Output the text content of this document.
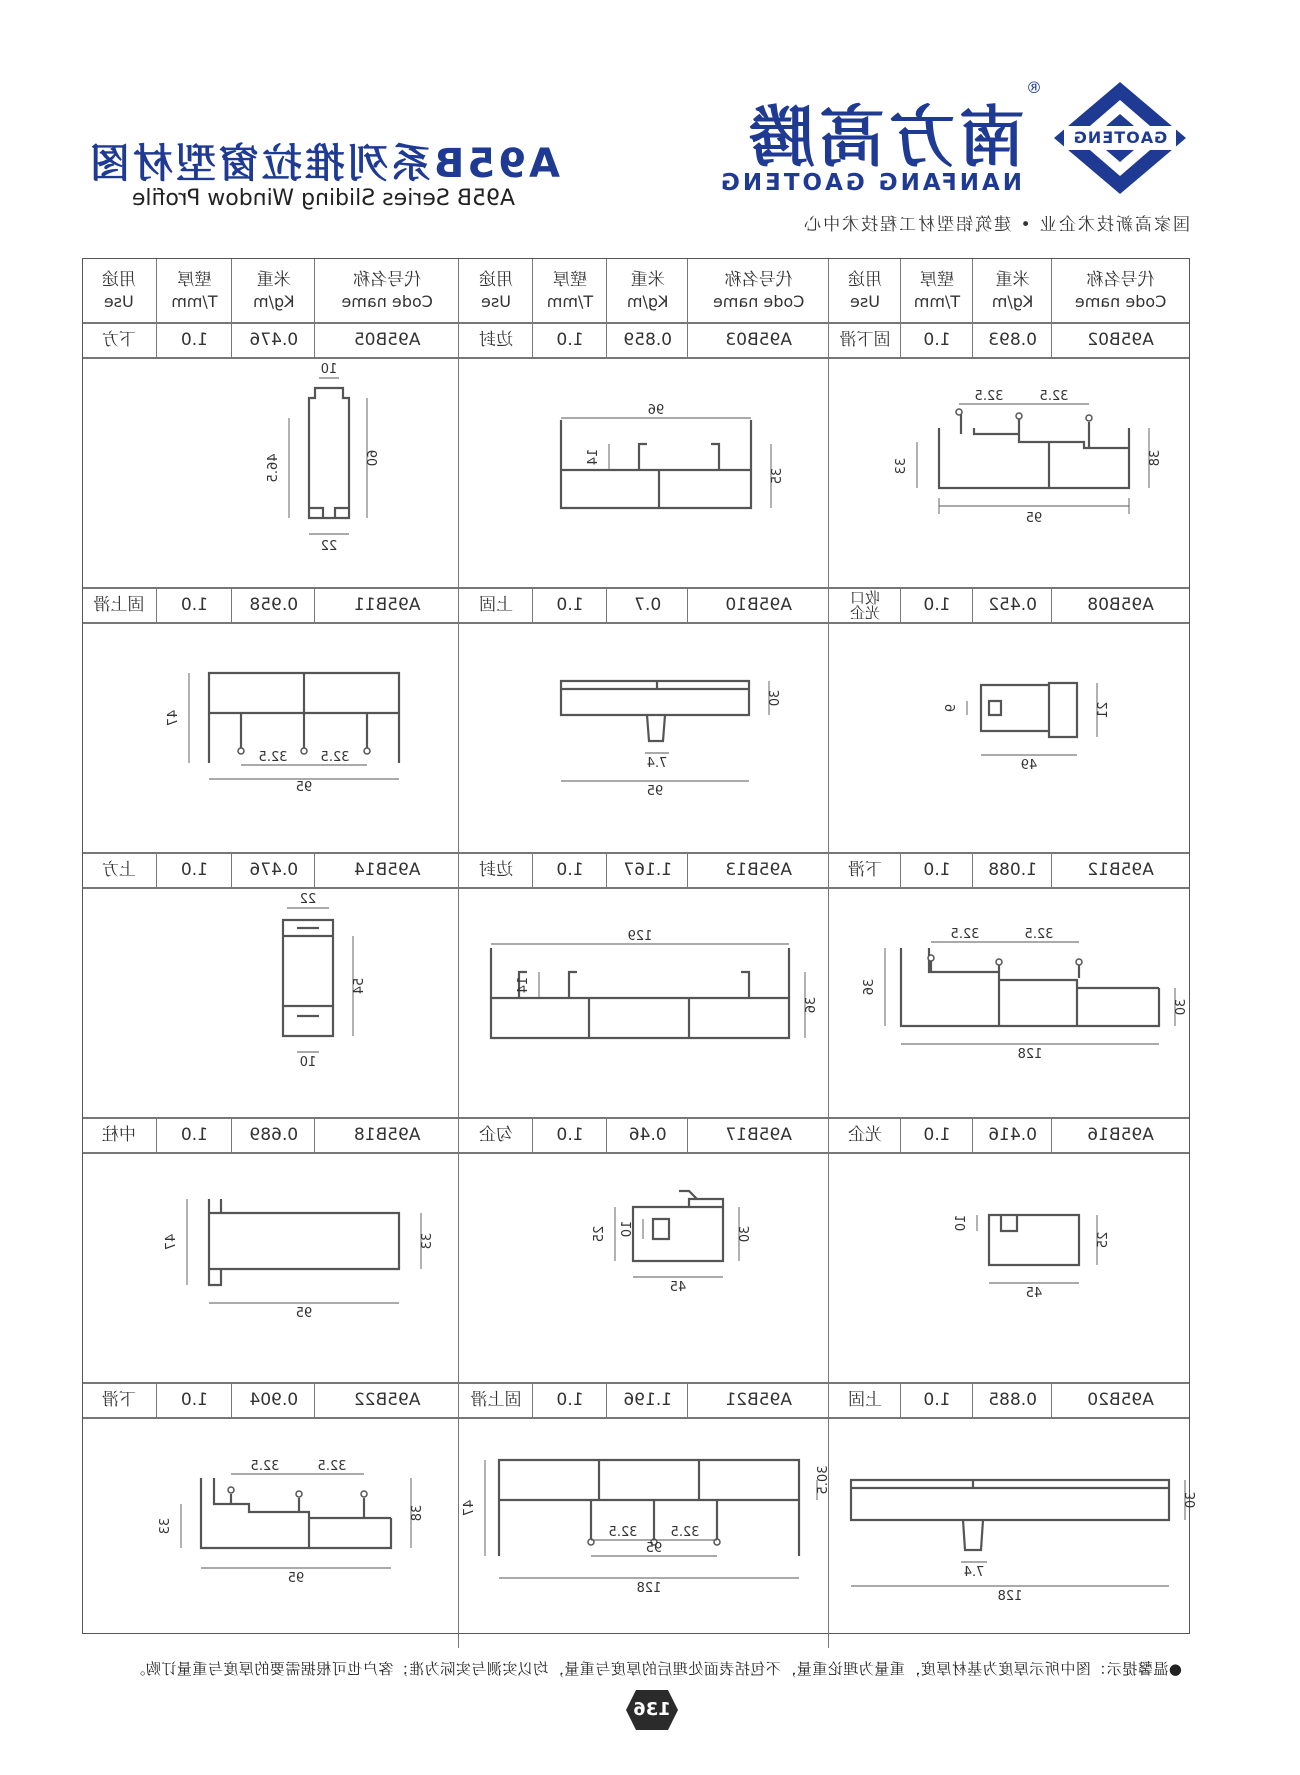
GAOTENG
®
南方高腾
NANFANG GAOTENG
国家高新技术企业 • 建筑铝型材工程技术中心
A95B系列推拉窗型材图
A95B Series Sliding Window Profile
代号名称
Code name
米重
Kg/m
壁厚
T/mm
用途
Use
代号名称
Code name
米重
Kg/m
壁厚
T/mm
用途
Use
代号名称
Code name
米重
Kg/m
壁厚
T/mm
用途
Use
A95B02
0.893
1.0
固下滑
A95B03
0.859
1.0
边封
A95B05
0.476
1.0
下方
95
32.5
32.5
38
33
96
35
14
10
60
46.5
22
A95B08
0.452
1.0
收口光企
A95B10
0.7
1.0
上固
A95B11
0.958
1.0
固上滑
21
9
49
30
7.4
95
32.5
32.5
95
47
A95B12
1.088
1.0
下滑
A95B13
1.167
1.0
边封
A95B14
0.476
1.0
上方
32.5
32.5
128
30
36
129
36
14
22
54
10
A95B16
0.416
1.0
光企
A95B17
0.46
1.0
勾企
A95B18
0.689
1.0
中柱
25
10
45
30
25 10
45
33
47
95
A95B20
0.885
1.0
上固
A95B21
1.196
1.0
固上滑
A95B22
0.904
1.0
下滑
30
7.4
128
32.5
32.5
95
128
30.5
47
32.5
32.5
95
38
33
●温馨提示：图中所示厚度为基材厚度，重量为理论重量，不包括表面处理后的厚度与重量，均以实测与实际为准；客户也可根据需要的厚度与重量订购。
136
